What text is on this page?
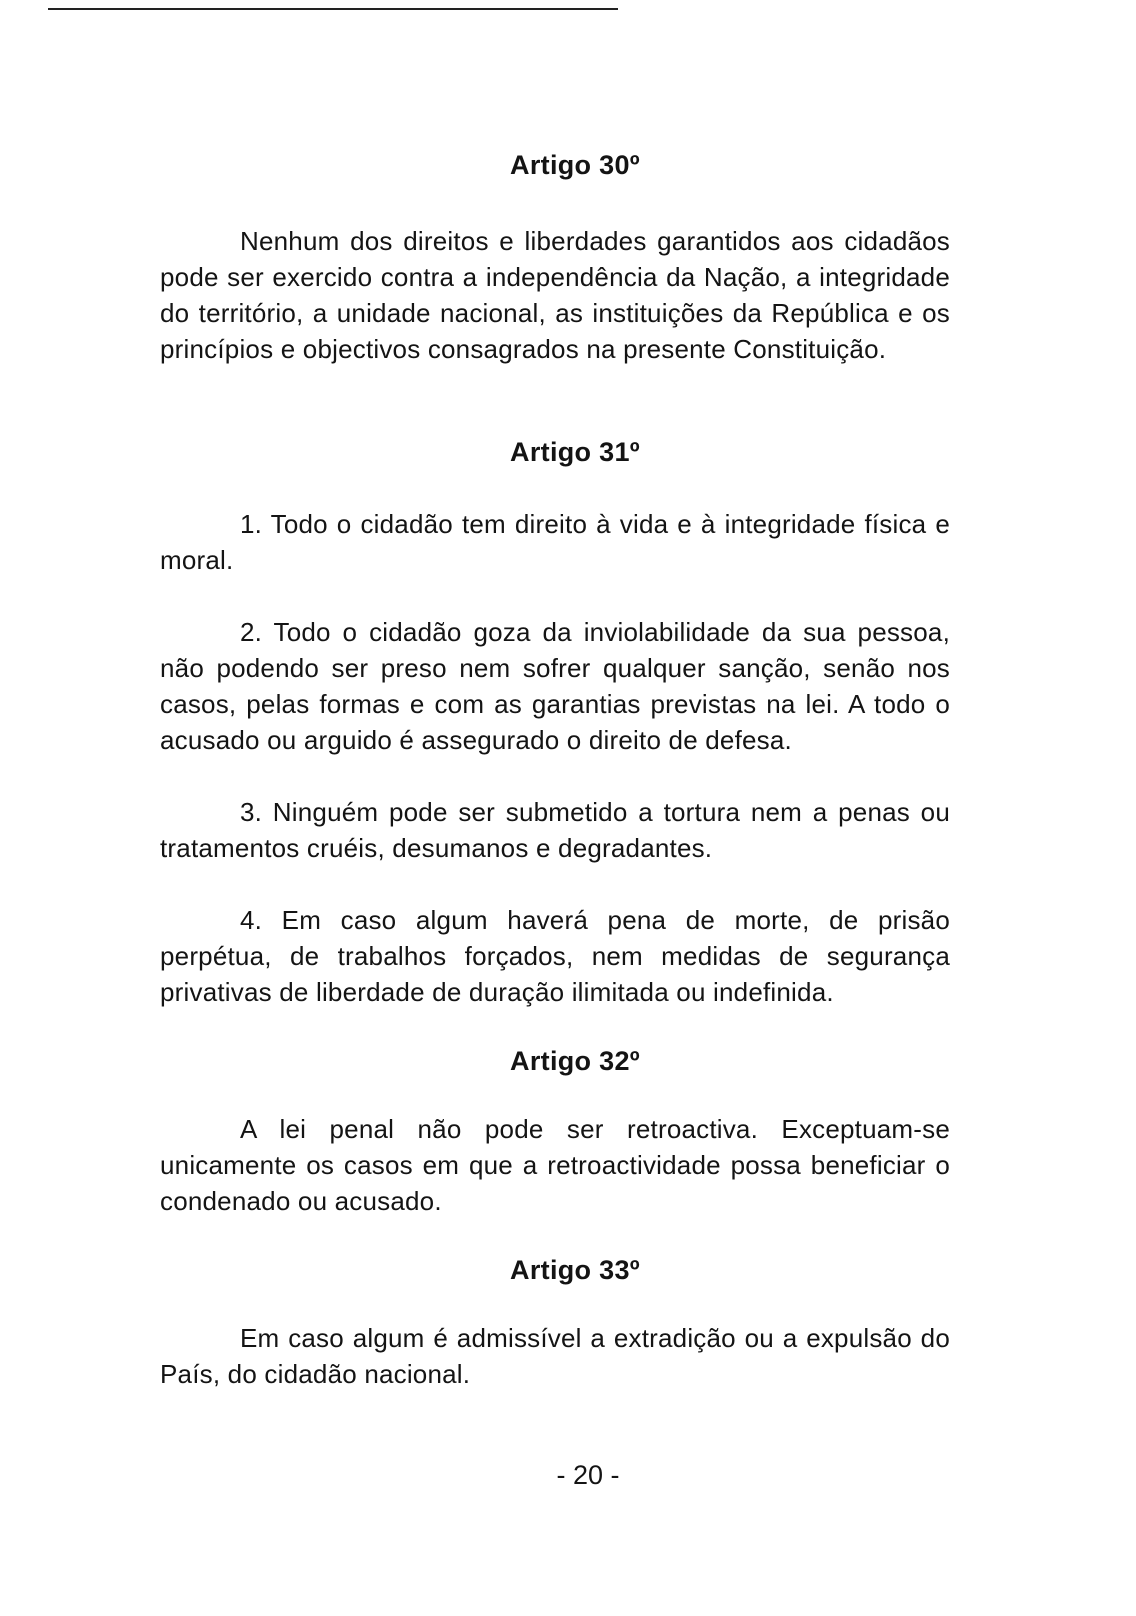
Artigo 30º

Nenhum dos direitos e liberdades garantidos aos cidadãos pode ser exercido contra a independência da Nação, a integridade do território, a unidade nacional, as instituições da República e os princípios e objectivos consagrados na presente Constituição.

Artigo 31º

1. Todo o cidadão tem direito à vida e à integridade física e moral.

2. Todo o cidadão goza da inviolabilidade da sua pessoa, não podendo ser preso nem sofrer qualquer sanção, senão nos casos, pelas formas e com as garantias previstas na lei. A todo o acusado ou arguido é assegurado o direito de defesa.

3. Ninguém pode ser submetido a tortura nem a penas ou tratamentos cruéis, desumanos e degradantes.

4. Em caso algum haverá pena de morte, de prisão perpétua, de trabalhos forçados, nem medidas de segurança privativas de liberdade de duração ilimitada ou indefinida.

Artigo 32º

A lei penal não pode ser retroactiva. Exceptuam-se unicamente os casos em que a retroactividade possa beneficiar o condenado ou acusado.

Artigo 33º

Em caso algum é admissível a extradição ou a expulsão do País, do cidadão nacional.

- 20 -
